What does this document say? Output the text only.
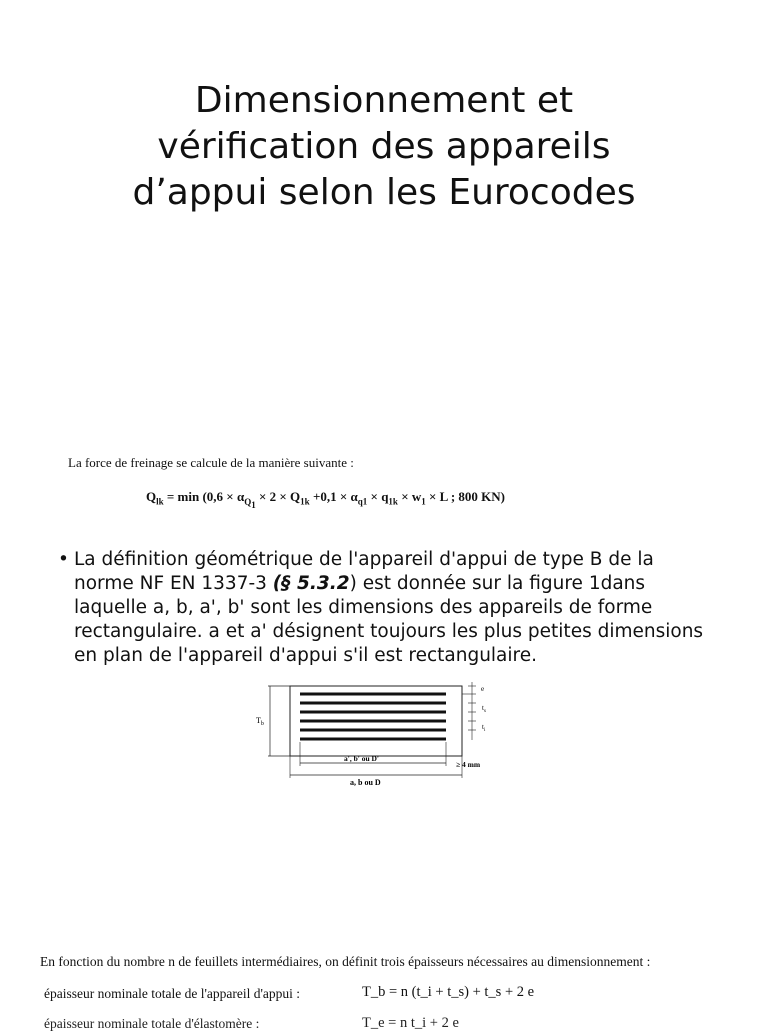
Dimensionnement et
vérification des appareils
d’appui selon les Eurocodes
La force de freinage se calcule de la manière suivante :
$Q_{lk} = \min (0,6 \times \alpha_{Q_1} \times 2 \times Q_{1k} +0,1 \times \alpha_{q1} \times q_{1k} \times w_1 \times L$ ; 800 KN)
• La définition géométrique de l'appareil d'appui de type B de la norme NF EN 1337-3 (§ 5.3.2) est donnée sur la figure 1dans laquelle a, b, a', b' sont les dimensions des appareils de forme rectangulaire. a et a' désignent toujours les plus petites dimensions en plan de l'appareil d'appui s'il est rectangulaire.
$T_b$
e
$t_s$
$t_i$
a', b' ou D'
≥ 4 mm
a, b ou D
En fonction du nombre n de feuillets intermédiaires, on définit trois épaisseurs nécessaires au dimensionnement :
épaisseur nominale totale de l'appareil d'appui :	T_b = n (t_i + t_s) + t_s + 2 e
épaisseur nominale totale d'élastomère :	T_e = n t_i + 2 e
